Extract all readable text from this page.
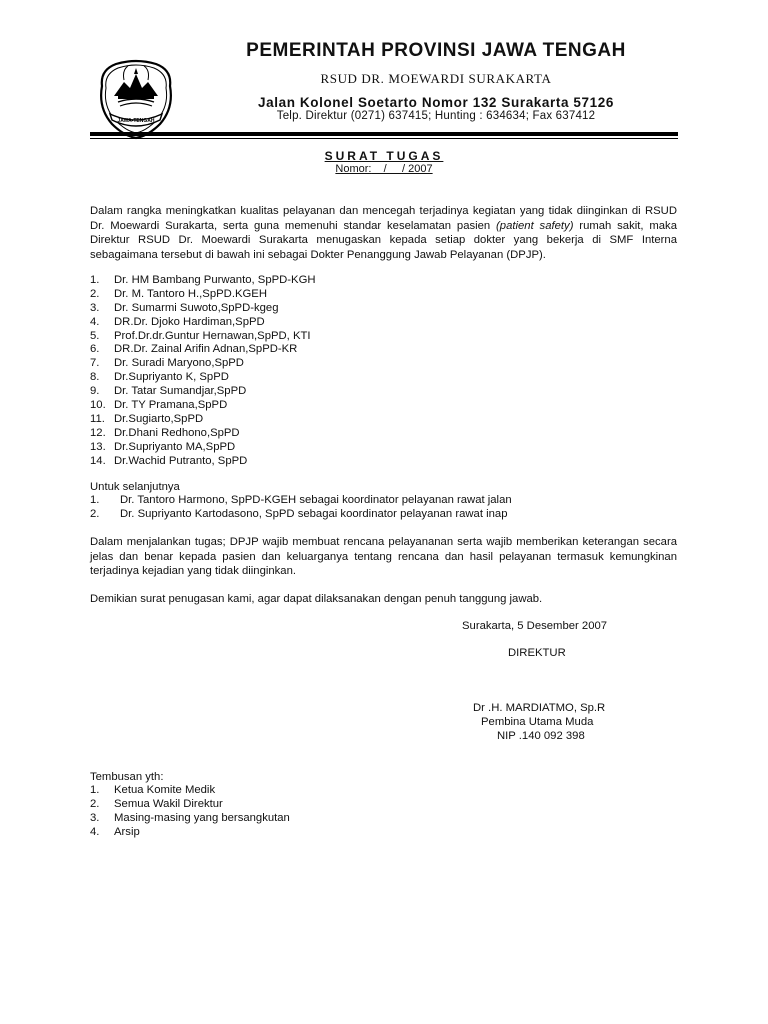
JAWA-TENGAH
PEMERINTAH PROVINSI JAWA TENGAH
RSUD DR. MOEWARDI SURAKARTA
Jalan Kolonel Soetarto Nomor 132 Surakarta 57126
Telp. Direktur (0271) 637415; Hunting : 634634; Fax 637412
SURAT TUGAS
Nomor:    /     / 2007
Dalam rangka meningkatkan kualitas pelayanan dan mencegah terjadinya kegiatan yang tidak diinginkan di RSUD Dr. Moewardi Surakarta, serta guna memenuhi standar keselamatan pasien (patient safety) rumah sakit, maka Direktur RSUD Dr. Moewardi Surakarta menugaskan kepada setiap dokter yang bekerja di SMF Interna sebagaimana tersebut di bawah ini sebagai Dokter Penanggung Jawab Pelayanan (DPJP).
1. Dr. HM Bambang Purwanto, SpPD-KGH
2. Dr. M. Tantoro H.,SpPD.KGEH
3. Dr. Sumarmi Suwoto,SpPD-kgeg
4. DR.Dr. Djoko Hardiman,SpPD
5. Prof.Dr.dr.Guntur Hernawan,SpPD, KTI
6. DR.Dr. Zainal Arifin Adnan,SpPD-KR
7. Dr. Suradi Maryono,SpPD
8. Dr.Supriyanto K, SpPD
9. Dr. Tatar Sumandjar,SpPD
10. Dr. TY Pramana,SpPD
11. Dr.Sugiarto,SpPD
12. Dr.Dhani Redhono,SpPD
13. Dr.Supriyanto MA,SpPD
14. Dr.Wachid Putranto, SpPD
Untuk selanjutnya
1. Dr. Tantoro Harmono, SpPD-KGEH sebagai koordinator pelayanan rawat jalan
2. Dr. Supriyanto Kartodasono, SpPD sebagai koordinator pelayanan rawat inap
Dalam menjalankan tugas; DPJP wajib membuat rencana pelayananan serta wajib memberikan keterangan secara jelas dan benar kepada pasien dan keluarganya tentang rencana dan hasil pelayanan termasuk kemungkinan terjadinya kejadian yang tidak diinginkan.
Demikian surat penugasan kami, agar dapat dilaksanakan dengan penuh tanggung jawab.
Surakarta, 5 Desember 2007
DIREKTUR
Dr .H. MARDIATMO, Sp.R
Pembina Utama Muda
NIP .140 092 398
Tembusan yth:
1. Ketua Komite Medik
2. Semua Wakil Direktur
3. Masing-masing yang bersangkutan
4. Arsip
